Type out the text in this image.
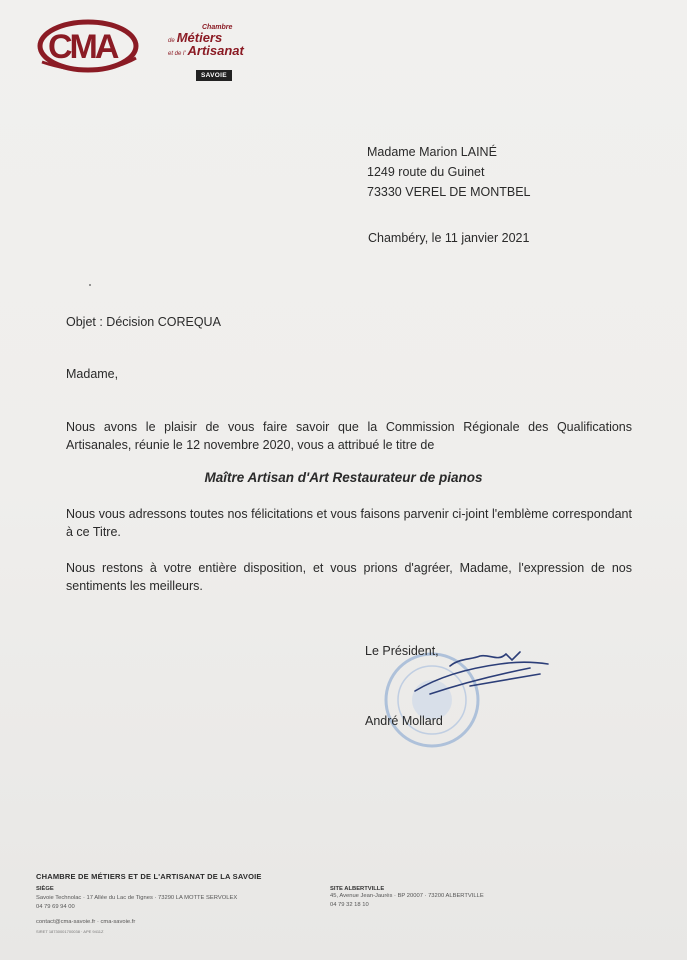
CMA
Chambre
de Métiers
et de l' Artisanat
SAVOIE
Madame Marion LAINÉ
1249 route du Guinet
73330 VEREL DE MONTBEL
Chambéry, le 11 janvier 2021
Objet : Décision COREQUA
Madame,
Nous avons le plaisir de vous faire savoir que la Commission Régionale des Qualifications Artisanales, réunie le 12 novembre 2020, vous a attribué le titre de
Maître Artisan d'Art Restaurateur de pianos
Nous vous adressons toutes nos félicitations et vous faisons parvenir ci-joint l'emblème correspondant à ce Titre.
Nous restons à votre entière disposition, et vous prions d'agréer, Madame, l'expression de nos sentiments les meilleurs.
Le Président,
André Mollard
CHAMBRE DE MÉTIERS ET DE L'ARTISANAT DE LA SAVOIE
SIÈGE
Savoie Technolac · 17 Allée du Lac de Tignes · 73290 LA MOTTE SERVOLEX
04 79 69 94 00
contact@cma-savoie.fr · cma-savoie.fr
SIRET 18730001700038 · APE 9411Z
SITE ALBERTVILLE
45, Avenue Jean-Jaurès · BP 20007 · 73200 ALBERTVILLE
04 79 32 18 10
